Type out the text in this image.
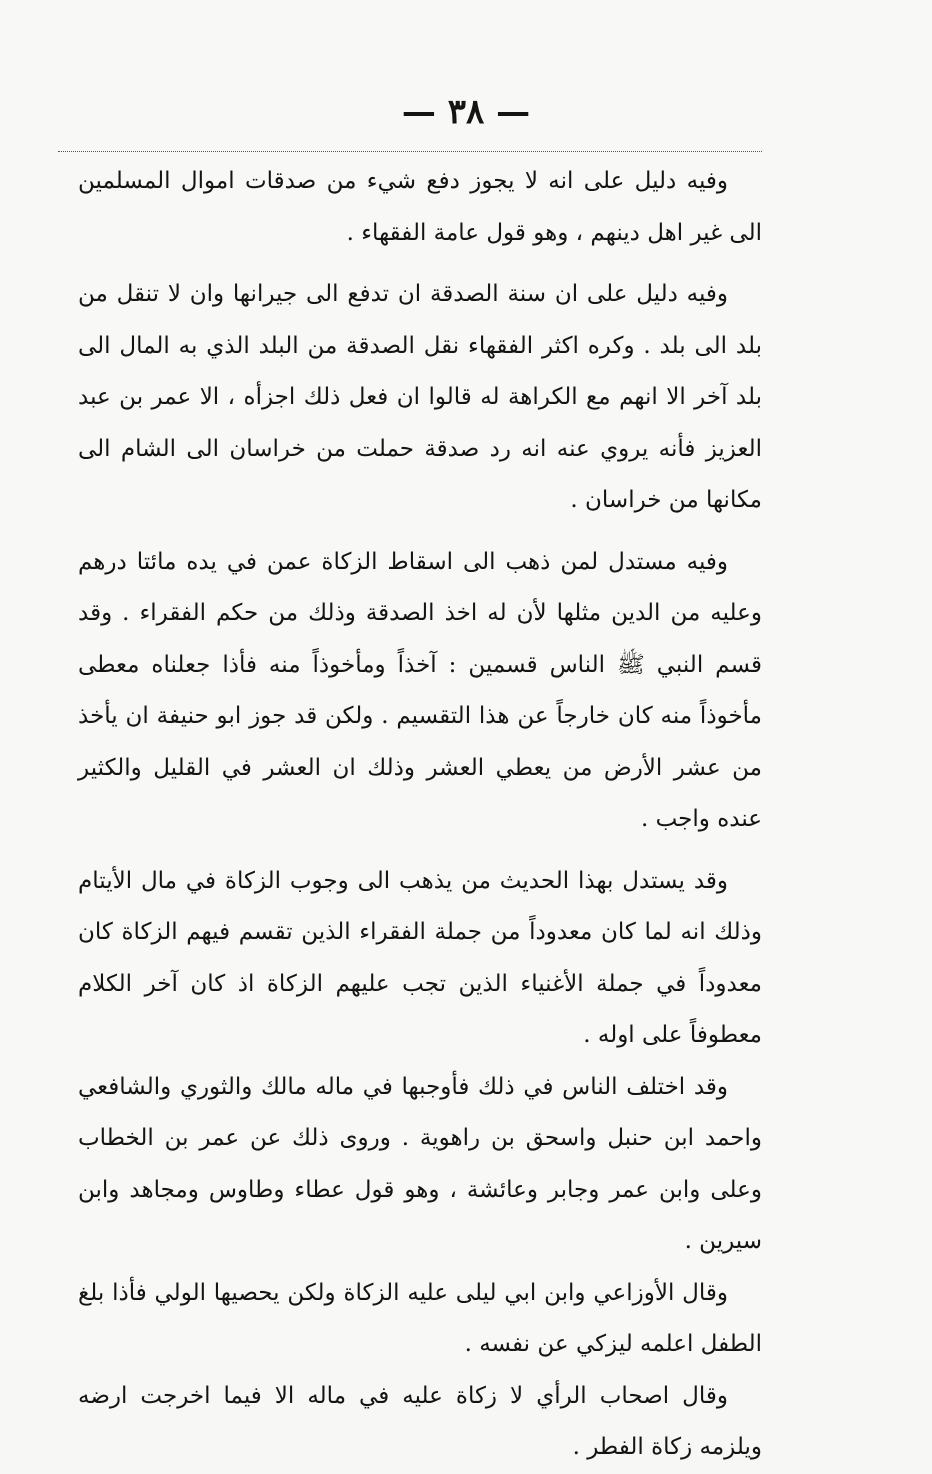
— ٣٨ —

وفيه دليل على انه لا يجوز دفع شيء من صدقات اموال المسلمين الى غير اهل دينهم ، وهو قول عامة الفقهاء .

وفيه دليل على ان سنة الصدقة ان تدفع الى جيرانها وان لا تنقل من بلد الى بلد . وكره اكثر الفقهاء نقل الصدقة من البلد الذي به المال الى بلد آخر الا انهم مع الكراهة له قالوا ان فعل ذلك اجزأه ، الا عمر بن عبد العزيز فأنه يروي عنه انه رد صدقة حملت من خراسان الى الشام الى مكانها من خراسان .

وفيه مستدل لمن ذهب الى اسقاط الزكاة عمن في يده مائتا درهم وعليه من الدين مثلها لأن له اخذ الصدقة وذلك من حكم الفقراء . وقد قسم النبي ﷺ الناس قسمين : آخذاً ومأخوذاً منه فأذا جعلناه معطى مأخوذاً منه كان خارجاً عن هذا التقسيم . ولكن قد جوز ابو حنيفة ان يأخذ من عشر الأرض من يعطي العشر وذلك ان العشر في القليل والكثير عنده واجب .

وقد يستدل بهذا الحديث من يذهب الى وجوب الزكاة في مال الأيتام وذلك انه لما كان معدوداً من جملة الفقراء الذين تقسم فيهم الزكاة كان معدوداً في جملة الأغنياء الذين تجب عليهم الزكاة اذ كان آخر الكلام معطوفاً على اوله .

وقد اختلف الناس في ذلك فأوجبها في ماله مالك والثوري والشافعي واحمد ابن حنبل واسحق بن راهوية . وروى ذلك عن عمر بن الخطاب وعلى وابن عمر وجابر وعائشة ، وهو قول عطاء وطاوس ومجاهد وابن سيرين .

وقال الأوزاعي وابن ابي ليلى عليه الزكاة ولكن يحصيها الولي فأذا بلغ الطفل اعلمه ليزكي عن نفسه .

وقال اصحاب الرأي لا زكاة عليه في ماله الا فيما اخرجت ارضه ويلزمه زكاة الفطر .
